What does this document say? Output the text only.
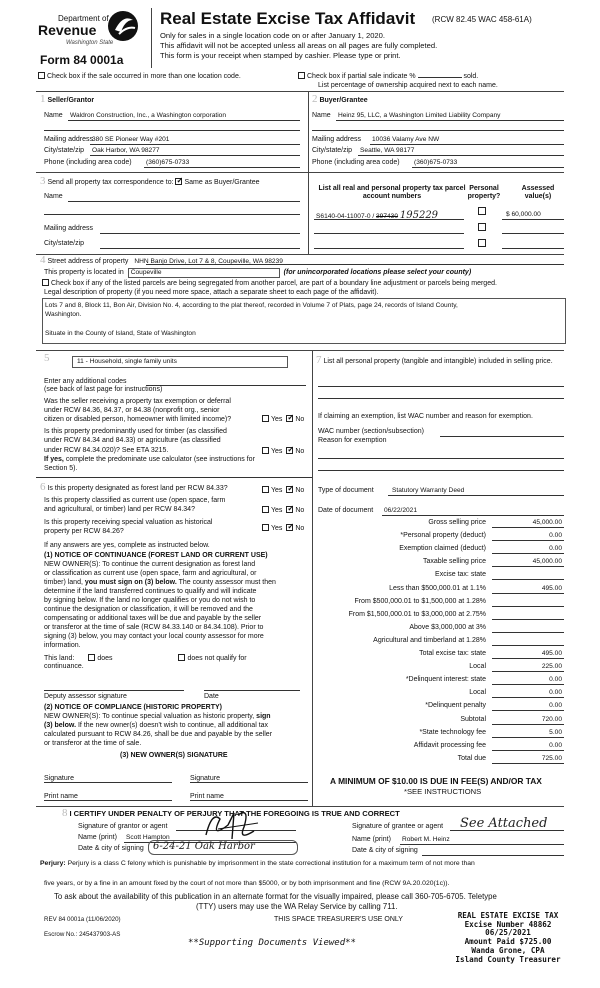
Department of
Revenue
Washington State
Form 84 0001a
Real Estate Excise Tax Affidavit (RCW 82.45 WAC 458-61A)
Only for sales in a single location code on or after January 1, 2020.
This affidavit will not be accepted unless all areas on all pages are fully completed.
This form is your receipt when stamped by cashier. Please type or print.
Check box if the sale occurred in more than one location code.	Check box if partial sale indicate %	sold.
List percentage of ownership acquired next to each name.
1 Seller/Grantor
Name Waldron Construction, Inc., a Washington corporation
Mailing address
380 SE Pioneer Way #201
City/state/zip Oak Harbor, WA 98277
Phone (including area code) (360)675-0733
2 Buyer/Grantee
Name Heinz 95, LLC, a Washington Limited Liability Company
Mailing address 10036 Valamy Ave NW
City/state/zip Seattle, WA 98177
Phone (including area code) (360)675-0733
3 Send all property tax correspondence to: ✓ Same as Buyer/Grantee
Name
Mailing address
City/state/zip
List all real and personal property tax parcel account numbers
Personal property?
Assessed value(s)
S6140-04-11007-0 / 397430 195229	$ 60,000.00
4 Street address of property NHN Banjo Drive, Lot 7 & 8, Coupeville, WA 98239
This property is located in Coupeville	(for unincorporated locations please select your county)
Check box if any of the listed parcels are being segregated from another parcel, are part of a boundary line adjustment or parcels being merged.
Legal description of property (if you need more space, attach a separate sheet to each page of the affidavit).
Lots 7 and 8, Block 11, Bon Air, Division No. 4, according to the plat thereof, recorded in Volume 7 of Plats, page 24, records of Island County,
Washington.
Situate in the County of Island, State of Washington
5	11 - Household, single family units
Enter any additional codes
(see back of last page for instructions)
Was the seller receiving a property tax exemption or deferral
under RCW 84.36, 84.37, or 84.38 (nonprofit org., senior
citizen or disabled person, homeowner with limited income)?	Yes ✓ No
Is this property predominantly used for timber (as classified
under RCW 84.34 and 84.33) or agriculture (as classified
under RCW 84.34.020)? See ETA 3215.	Yes ✓ No
If yes, complete the predominate use calculator (see instructions for
Section 5).
6 Is this property designated as forest land per RCW 84.33?	Yes ✓ No
Is this property classified as current use (open space, farm
and agricultural, or timber) land per RCW 84.34?	Yes ✓ No
Is this property receiving special valuation as historical
property per RCW 84.26?	Yes ✓ No
If any answers are yes, complete as instructed below.
(1) NOTICE OF CONTINUANCE (FOREST LAND OR CURRENT USE)
NEW OWNER(S): To continue the current designation as forest land
or classification as current use (open space, farm and agricultural, or
timber) land, you must sign on (3) below. The county assessor must then
determine if the land transferred continues to qualify and will indicate
by signing below. If the land no longer qualifies or you do not wish to
continue the designation or classification, it will be removed and the
compensating or additional taxes will be due and payable by the seller
or transferor at the time of sale (RCW 84.33.140 or 84.34.108). Prior to
signing (3) below, you may contact your local county assessor for more
information.
This land:	does	does not qualify for
continuance.
Deputy assessor signature	Date
(2) NOTICE OF COMPLIANCE (HISTORIC PROPERTY)
NEW OWNER(S): To continue special valuation as historic property, sign
(3) below. If the new owner(s) doesn't wish to continue, all additional tax
calculated pursuant to RCW 84.26, shall be due and payable by the seller
or transferor at the time of sale.
(3) NEW OWNER(S) SIGNATURE
Signature	Signature
Print name	Print name
7 List all personal property (tangible and intangible) included in selling price.
If claiming an exemption, list WAC number and reason for exemption.
WAC number (section/subsection)
Reason for exemption
Type of document	Statutory Warranty Deed
Date of document 06/22/2021
Gross selling price	45,000.00
*Personal property (deduct)	0.00
Exemption claimed (deduct)	0.00
Taxable selling price	45,000.00
Excise tax: state
Less than $500,000.01 at 1.1%	495.00
From $500,000.01 to $1,500,000 at 1.28%
From $1,500,000.01 to $3,000,000 at 2.75%
Above $3,000,000 at 3%
Agricultural and timberland at 1.28%
Total excise tax: state	495.00
Local	225.00
*Delinquent interest: state	0.00
Local	0.00
*Delinquent penalty	0.00
Subtotal	720.00
*State technology fee	5.00
Affidavit processing fee	0.00
Total due	725.00
A MINIMUM OF $10.00 IS DUE IN FEE(S) AND/OR TAX
*SEE INSTRUCTIONS
8 I CERTIFY UNDER PENALTY OF PERJURY THAT THE FOREGOING IS TRUE AND CORRECT
Signature of grantor or agent
Name (print) Scott Hampton
Date & city of signing 6-24-21 Oak Harbor
Signature of grantee or agent See Attached
Name (print) Robert M. Heinz
Date & city of signing
Perjury: Perjury is a class C felony which is punishable by imprisonment in the state correctional institution for a maximum term of not more than
five years, or by a fine in an amount fixed by the court of not more than $5000, or by both imprisonment and fine (RCW 9A.20.020(1c)).
To ask about the availability of this publication in an alternate format for the visually impaired, please call 360-705-6705. Teletype
(TTY) users may use the WA Relay Service by calling 711.
REV 84 0001a (11/06/2020)	THIS SPACE TREASURER'S USE ONLY
Escrow No.: 245437903-AS
**Supporting Documents Viewed**
REAL ESTATE EXCISE TAX
Excise Number 48862
06/25/2021
Amount Paid $725.00
Wanda Grone, CPA
Island County Treasurer
